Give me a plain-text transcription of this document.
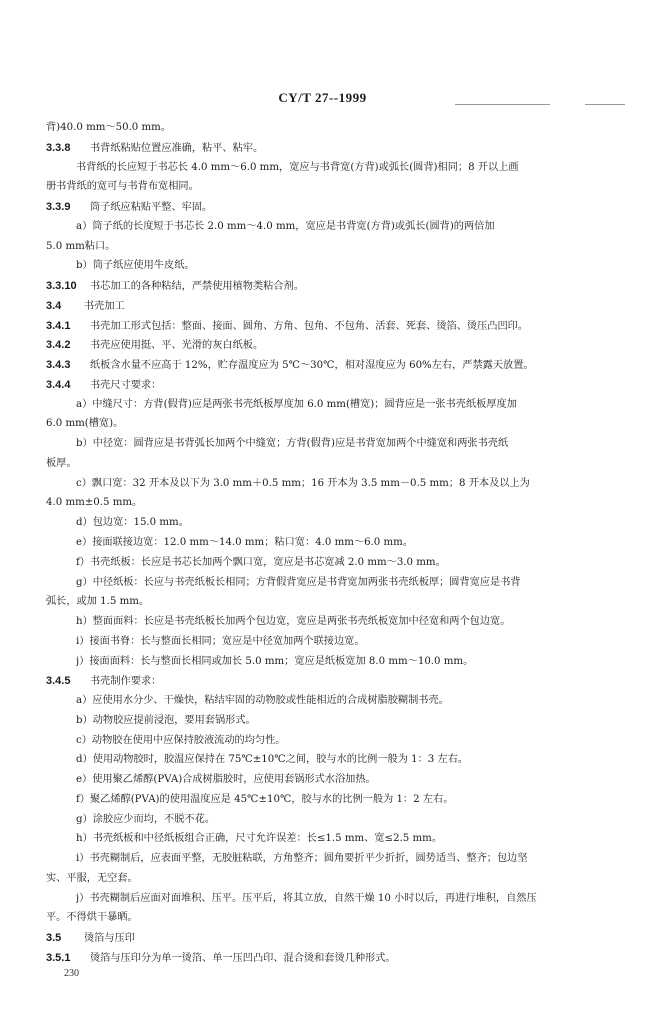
CY/T 27--1999
背)40.0 mm～50.0 mm。
3.3.8 书背纸粘贴位置应准确，粘平、粘牢。
书背纸的长应短于书芯长 4.0 mm～6.0 mm，宽应与书背宽(方背)或弧长(圆背)相同；8 开以上画
册书背纸的宽可与书背布宽相同。
3.3.9 筒子纸应粘贴平整、牢固。
a）筒子纸的长度短于书芯长 2.0 mm～4.0 mm，宽应是书背宽(方背)或弧长(圆背)的两倍加
5.0 mm粘口。
b）筒子纸应使用牛皮纸。
3.3.10 书芯加工的各种粘结，严禁使用植物类粘合剂。
3.4 书壳加工
3.4.1 书壳加工形式包括：整面、接面、圆角、方角、包角、不包角、活套、死套、烫箔、烫压凸凹印。
3.4.2 书壳应使用挺、平、光滑的灰白纸板。
3.4.3 纸板含水量不应高于 12%，贮存温度应为 5℃～30℃，相对湿度应为 60%左右，严禁露天放置。
3.4.4 书壳尺寸要求：
a）中缝尺寸：方背(假背)应是两张书壳纸板厚度加 6.0 mm(槽宽)；圆背应是一张书壳纸板厚度加
6.0 mm(槽宽)。
b）中径宽：圆背应是书背弧长加两个中缝宽；方背(假背)应是书背宽加两个中缝宽和两张书壳纸
板厚。
c）飘口宽：32 开本及以下为 3.0 mm＋0.5 mm；16 开本为 3.5 mm－0.5 mm；8 开本及以上为
4.0 mm±0.5 mm。
d）包边宽：15.0 mm。
e）接面联接边宽：12.0 mm～14.0 mm；粘口宽：4.0 mm～6.0 mm。
f）书壳纸板：长应是书芯长加两个飘口宽，宽应是书芯宽减 2.0 mm～3.0 mm。
g）中径纸板：长应与书壳纸板长相同；方背假背宽应是书背宽加两张书壳纸板厚；圆背宽应是书背
弧长，或加 1.5 mm。
h）整面面料：长应是书壳纸板长加两个包边宽，宽应是两张书壳纸板宽加中径宽和两个包边宽。
i）接面书脊：长与整面长相同；宽应是中径宽加两个联接边宽。
j）接面面料：长与整面长相同或加长 5.0 mm；宽应是纸板宽加 8.0 mm～10.0 mm。
3.4.5 书壳制作要求：
a）应使用水分少、干燥快，粘结牢固的动物胶或性能相近的合成树脂胶糊制书壳。
b）动物胶应提前浸泡，要用套锅形式。
c）动物胶在使用中应保持胶液流动的均匀性。
d）使用动物胶时，胶温应保持在 75℃±10℃之间，胶与水的比例一般为 1：3 左右。
e）使用聚乙烯醇(PVA)合成树脂胶时，应使用套锅形式水浴加热。
f）聚乙烯醇(PVA)的使用温度应是 45℃±10℃，胶与水的比例一般为 1：2 左右。
g）涂胶应少而均，不脱不花。
h）书壳纸板和中径纸板组合正确，尺寸允许误差：长≤1.5 mm、宽≤2.5 mm。
i）书壳糊制后，应表面平整，无胶脏粘联，方角整齐；圆角要折平少折折，圆势适当、整齐；包边坚
实、平服，无空套。
j）书壳糊制后应面对面堆积、压平。压平后，将其立放，自然干燥 10 小时以后，再进行堆积，自然压
平。不得烘干暴晒。
3.5 烫箔与压印
3.5.1 烫箔与压印分为单一烫箔、单一压凹凸印、混合烫和套烫几种形式。
230
